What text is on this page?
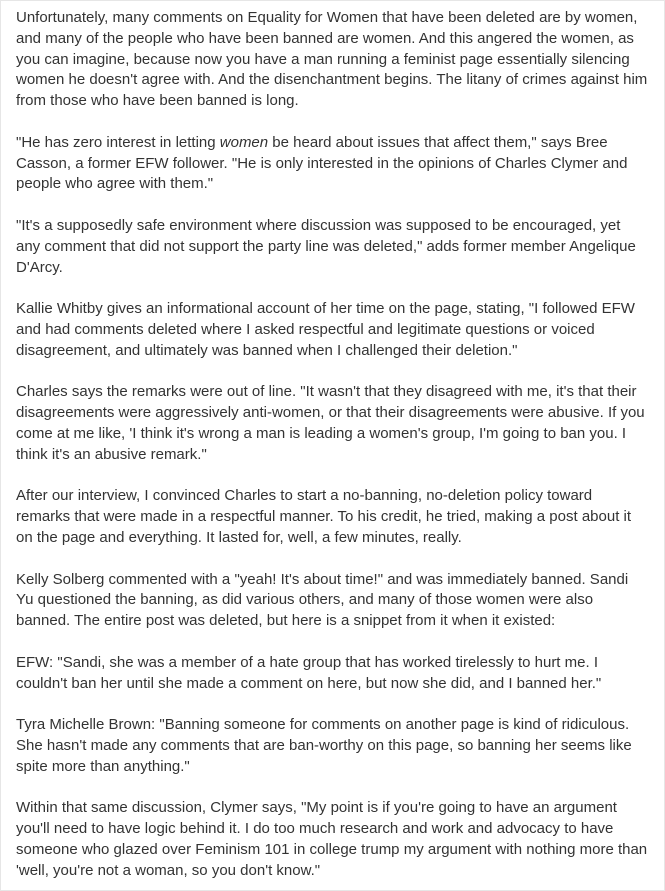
Unfortunately, many comments on Equality for Women that have been deleted are by women, and many of the people who have been banned are women. And this angered the women, as you can imagine, because now you have a man running a feminist page essentially silencing women he doesn't agree with. And the disenchantment begins. The litany of crimes against him from those who have been banned is long.

"He has zero interest in letting women be heard about issues that affect them," says Bree Casson, a former EFW follower. "He is only interested in the opinions of Charles Clymer and people who agree with them."

"It's a supposedly safe environment where discussion was supposed to be encouraged, yet any comment that did not support the party line was deleted," adds former member Angelique D'Arcy.

Kallie Whitby gives an informational account of her time on the page, stating, "I followed EFW and had comments deleted where I asked respectful and legitimate questions or voiced disagreement, and ultimately was banned when I challenged their deletion."

Charles says the remarks were out of line. "It wasn't that they disagreed with me, it's that their disagreements were aggressively anti-women, or that their disagreements were abusive. If you come at me like, 'I think it's wrong a man is leading a women's group, I'm going to ban you. I think it's an abusive remark."

After our interview, I convinced Charles to start a no-banning, no-deletion policy toward remarks that were made in a respectful manner. To his credit, he tried, making a post about it on the page and everything. It lasted for, well, a few minutes, really.

Kelly Solberg commented with a "yeah! It's about time!" and was immediately banned. Sandi Yu questioned the banning, as did various others, and many of those women were also banned. The entire post was deleted, but here is a snippet from it when it existed:

EFW: "Sandi, she was a member of a hate group that has worked tirelessly to hurt me. I couldn't ban her until she made a comment on here, but now she did, and I banned her."

Tyra Michelle Brown: "Banning someone for comments on another page is kind of ridiculous. She hasn't made any comments that are ban-worthy on this page, so banning her seems like spite more than anything."

Within that same discussion, Clymer says, "My point is if you're going to have an argument you'll need to have logic behind it. I do too much research and work and advocacy to have someone who glazed over Feminism 101 in college trump my argument with nothing more than 'well, you're not a woman, so you don't know."
